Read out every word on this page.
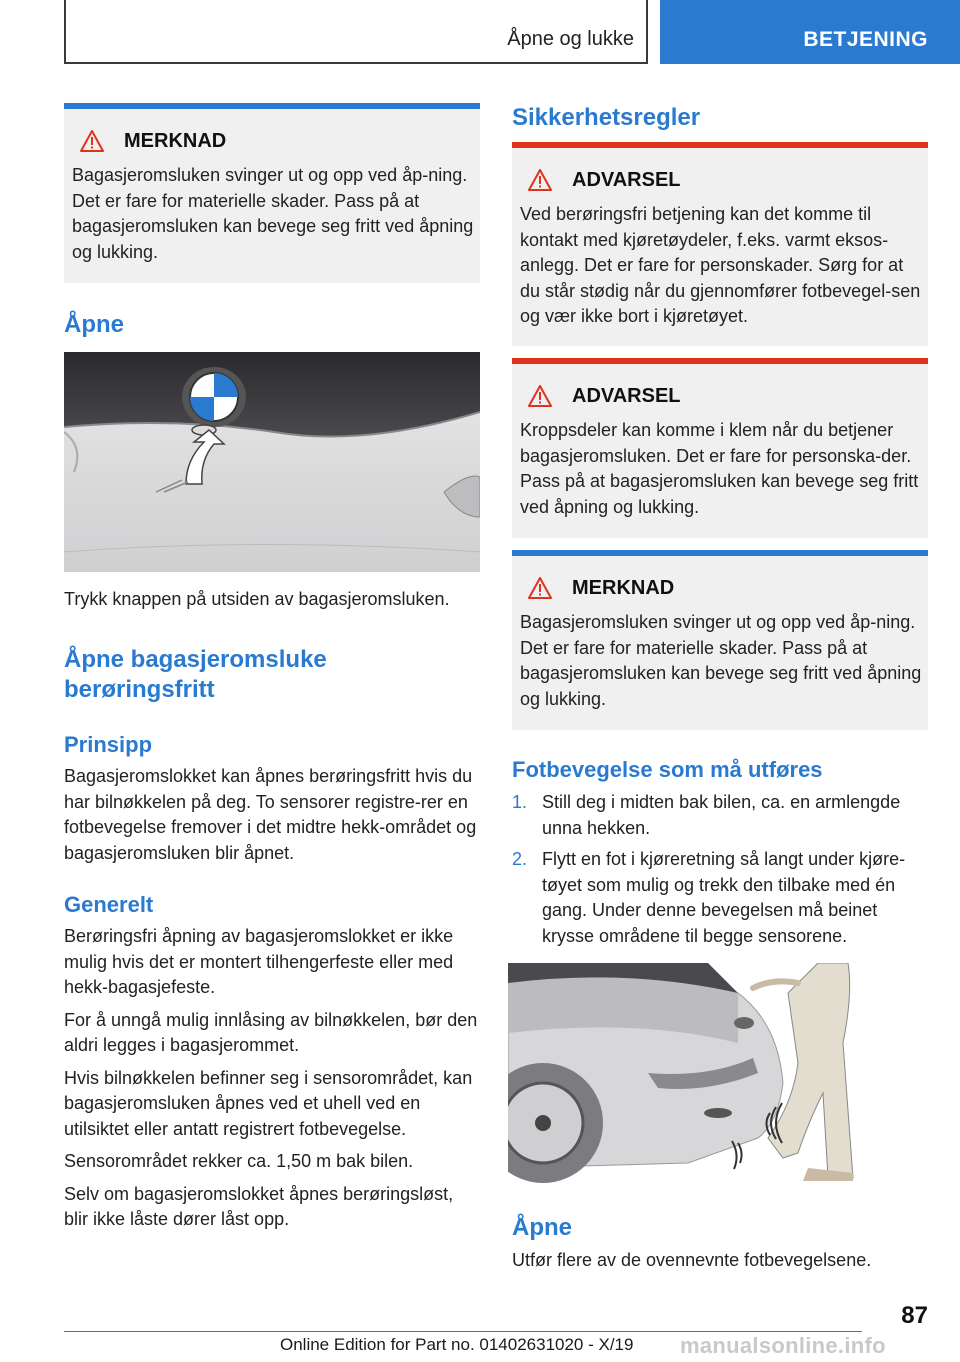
Åpne og lukke	BETJENING
MERKNAD
Bagasjeromsluken svinger ut og opp ved åp-ning. Det er fare for materielle skader. Pass på at bagasjeromsluken kan bevege seg fritt ved åpning og lukking.
Åpne

Trykk knappen på utsiden av bagasjeromsluken.

Åpne bagasjeromsluke berøringsfritt
Prinsipp

Bagasjeromslokket kan åpnes berøringsfritt hvis du har bilnøkkelen på deg. To sensorer registre-rer en fotbevegelse fremover i det midtre hekk-området og bagasjeromsluken blir åpnet.

Generelt

Berøringsfri åpning av bagasjeromslokket er ikke mulig hvis det er montert tilhengerfeste eller med hekk-bagasjefeste.

For å unngå mulig innlåsing av bilnøkkelen, bør den aldri legges i bagasjerommet.

Hvis bilnøkkelen befinner seg i sensorområdet, kan bagasjeromsluken åpnes ved et uhell ved en utilsiktet eller antatt registrert fotbevegelse.

Sensorområdet rekker ca. 1,50 m bak bilen.

Selv om bagasjeromslokket åpnes berøringsløst, blir ikke låste dører låst opp.

Sikkerhetsregler
ADVARSEL
Ved berøringsfri betjening kan det komme til kontakt med kjøretøydeler, f.eks. varmt eksos-anlegg. Det er fare for personskader. Sørg for at du står stødig når du gjennomfører fotbevegel-sen og vær ikke bort i kjøretøyet.
ADVARSEL
Kroppsdeler kan komme i klem når du betjener bagasjeromsluken. Det er fare for personska-der. Pass på at bagasjeromsluken kan bevege seg fritt ved åpning og lukking.
MERKNAD
Bagasjeromsluken svinger ut og opp ved åp-ning. Det er fare for materielle skader. Pass på at bagasjeromsluken kan bevege seg fritt ved åpning og lukking.
Fotbevegelse som må utføres
1. Still deg i midten bak bilen, ca. en armlengde unna hekken.
2. Flytt en fot i kjøreretning så langt under kjøre-tøyet som mulig og trekk den tilbake med én gang. Under denne bevegelsen må beinet krysse områdene til begge sensorene.
Åpne

Utfør flere av de ovennevnte fotbevegelsene.

87
Online Edition for Part no. 01402631020 - X/19 manualsonline.info
